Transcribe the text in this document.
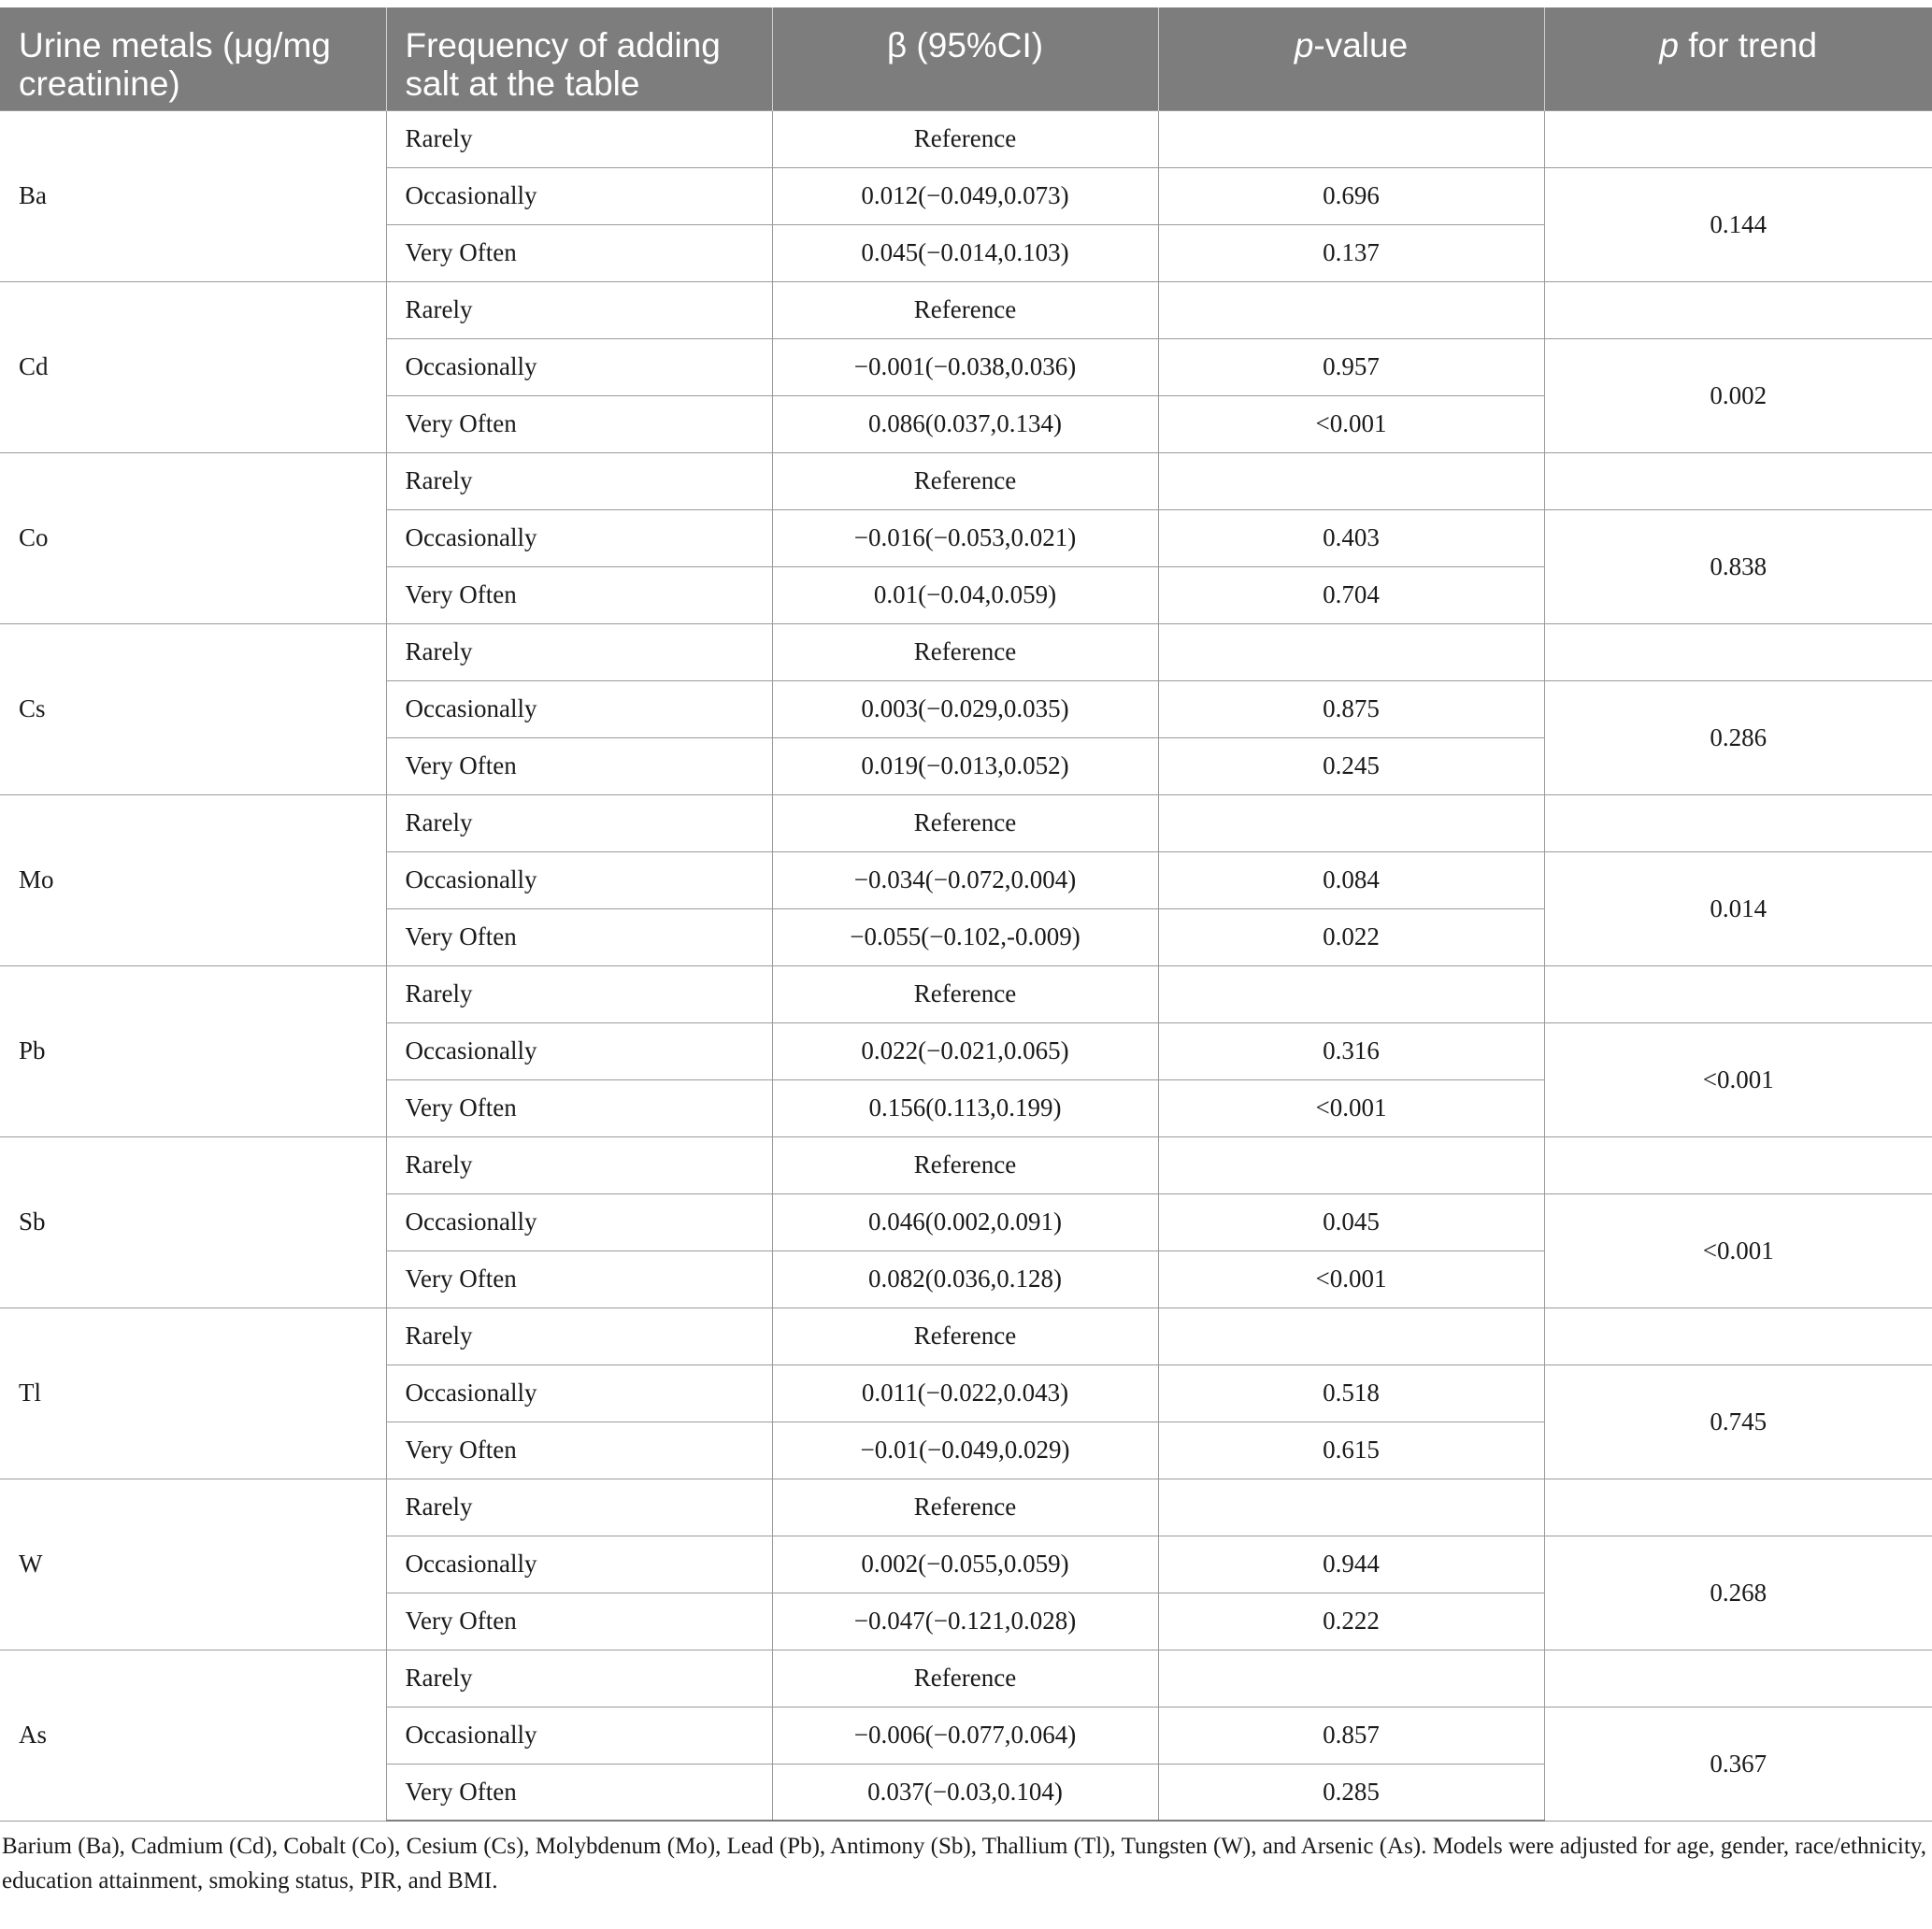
Urine metals (μg/mg creatinine)	Frequency of adding salt at the table	β (95%CI)	p-value	p for trend
Ba	Rarely	Reference		
	Occasionally	0.012(−0.049,0.073)	0.696	0.144
	Very Often	0.045(−0.014,0.103)	0.137	
Cd	Rarely	Reference		
	Occasionally	−0.001(−0.038,0.036)	0.957	0.002
	Very Often	0.086(0.037,0.134)	<0.001	
Co	Rarely	Reference		
	Occasionally	−0.016(−0.053,0.021)	0.403	0.838
	Very Often	0.01(−0.04,0.059)	0.704	
Cs	Rarely	Reference		
	Occasionally	0.003(−0.029,0.035)	0.875	0.286
	Very Often	0.019(−0.013,0.052)	0.245	
Mo	Rarely	Reference		
	Occasionally	−0.034(−0.072,0.004)	0.084	0.014
	Very Often	−0.055(−0.102,-0.009)	0.022	
Pb	Rarely	Reference		
	Occasionally	0.022(−0.021,0.065)	0.316	<0.001
	Very Often	0.156(0.113,0.199)	<0.001	
Sb	Rarely	Reference		
	Occasionally	0.046(0.002,0.091)	0.045	<0.001
	Very Often	0.082(0.036,0.128)	<0.001	
Tl	Rarely	Reference		
	Occasionally	0.011(−0.022,0.043)	0.518	0.745
	Very Often	−0.01(−0.049,0.029)	0.615	
W	Rarely	Reference		
	Occasionally	0.002(−0.055,0.059)	0.944	0.268
	Very Often	−0.047(−0.121,0.028)	0.222	
As	Rarely	Reference		
	Occasionally	−0.006(−0.077,0.064)	0.857	0.367
	Very Often	0.037(−0.03,0.104)	0.285	
Barium (Ba), Cadmium (Cd), Cobalt (Co), Cesium (Cs), Molybdenum (Mo), Lead (Pb), Antimony (Sb), Thallium (Tl), Tungsten (W), and Arsenic (As). Models were adjusted for age, gender, race/ethnicity, education attainment, smoking status, PIR, and BMI.
